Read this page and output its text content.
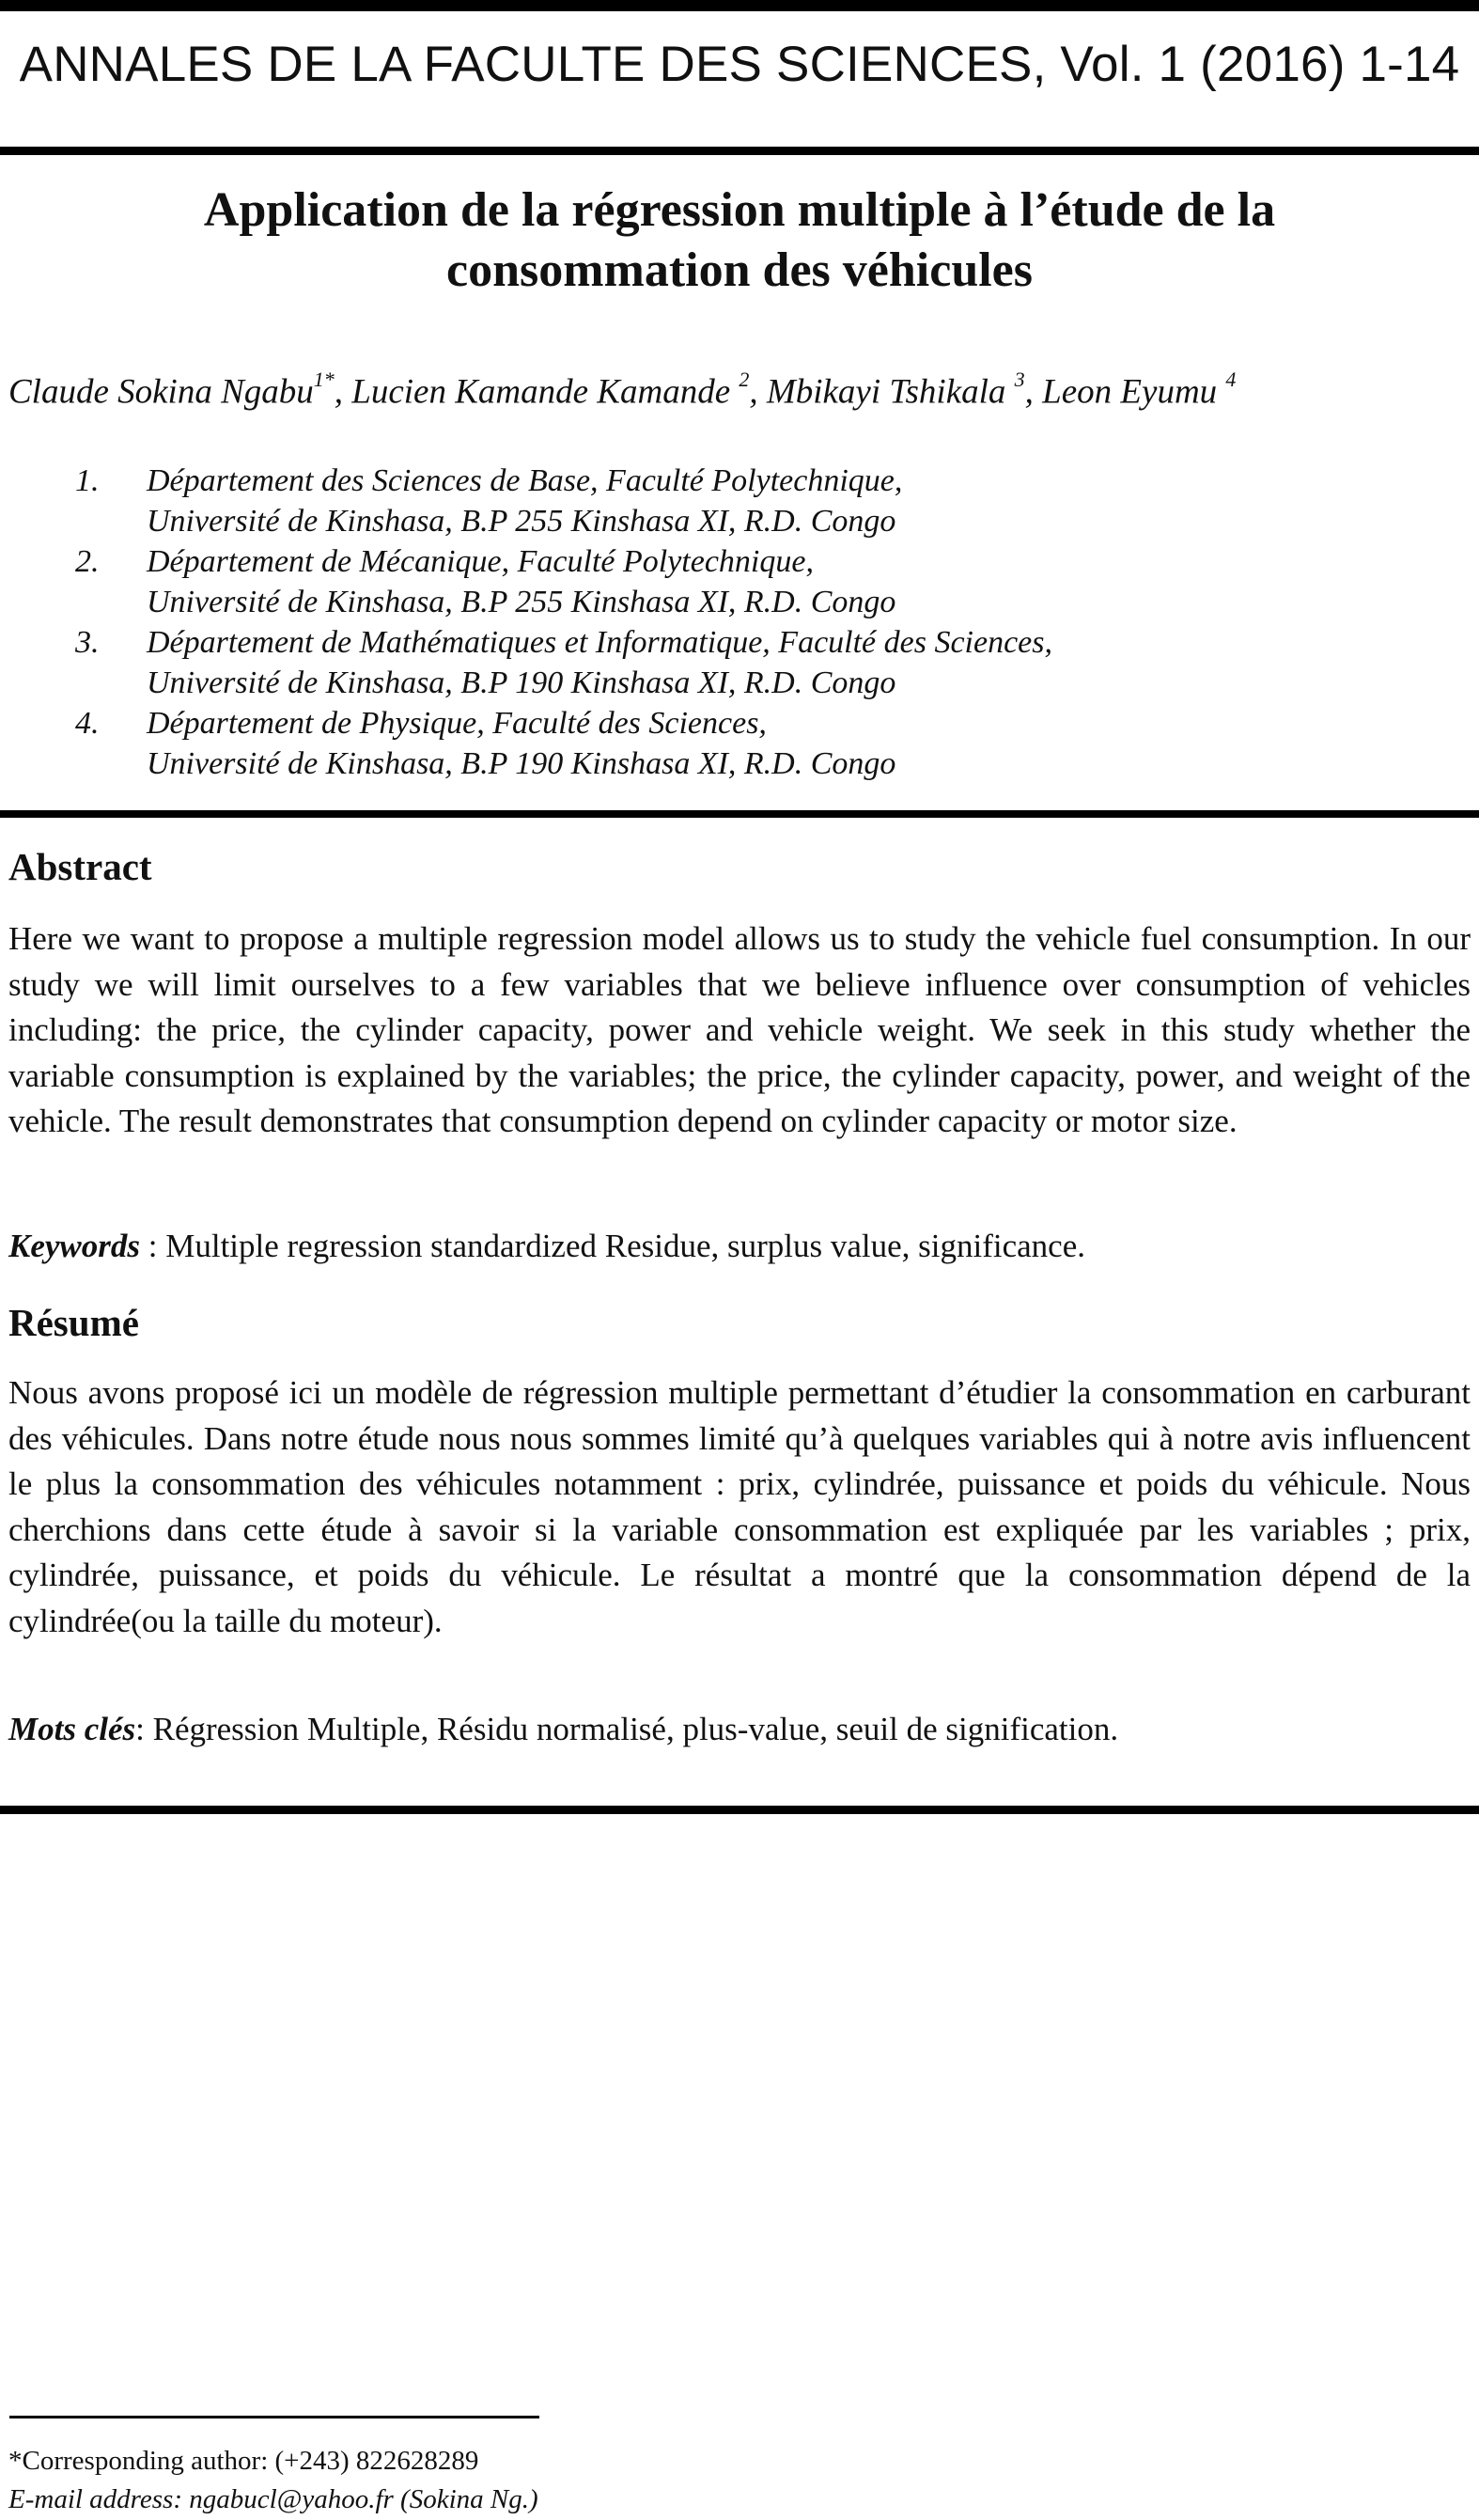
ANNALES DE LA FACULTE DES SCIENCES, Vol. 1 (2016) 1-14
Application de la régression multiple à l’étude de la
consommation des véhicules
Claude Sokina Ngabu$^{1*}$, Lucien Kamande Kamande $^2$, Mbikayi Tshikala $^3$, Leon Eyumu $^4$
1.	Département des Sciences de Base, Faculté Polytechnique,
Université de Kinshasa, B.P 255 Kinshasa XI, R.D. Congo
2.	Département de Mécanique, Faculté Polytechnique,
Université de Kinshasa, B.P 255 Kinshasa XI, R.D. Congo
3.	Département de Mathématiques et Informatique, Faculté des Sciences,
Université de Kinshasa, B.P 190 Kinshasa XI, R.D. Congo
4.	Département de Physique, Faculté des Sciences,
Université de Kinshasa, B.P 190 Kinshasa XI, R.D. Congo
Abstract

Here we want to propose a multiple regression model allows us to study the vehicle fuel consumption. In our study we will limit ourselves to a few variables that we believe influence over consumption of vehicles including: the price, the cylinder capacity, power and vehicle weight. We seek in this study whether the variable consumption is explained by the variables; the price, the cylinder capacity, power, and weight of the vehicle. The result demonstrates that consumption depend on cylinder capacity or motor size.

Keywords : Multiple regression standardized Residue, surplus value, significance.
Résumé

Nous avons proposé ici un modèle de régression multiple permettant d’étudier la consommation en carburant des véhicules. Dans notre étude nous nous sommes limité qu’à quelques variables qui à notre avis influencent le plus la consommation des véhicules notamment : prix, cylindrée, puissance et poids du véhicule. Nous cherchions dans cette étude à savoir si la variable consommation est expliquée par les variables ; prix, cylindrée, puissance, et poids du véhicule. Le résultat a montré que la consommation dépend de la cylindrée(ou la taille du moteur).

Mots clés: Régression Multiple, Résidu normalisé, plus-value, seuil de signification.
*Corresponding author: (+243) 822628289
E-mail address: ngabucl@yahoo.fr (Sokina Ng.)
